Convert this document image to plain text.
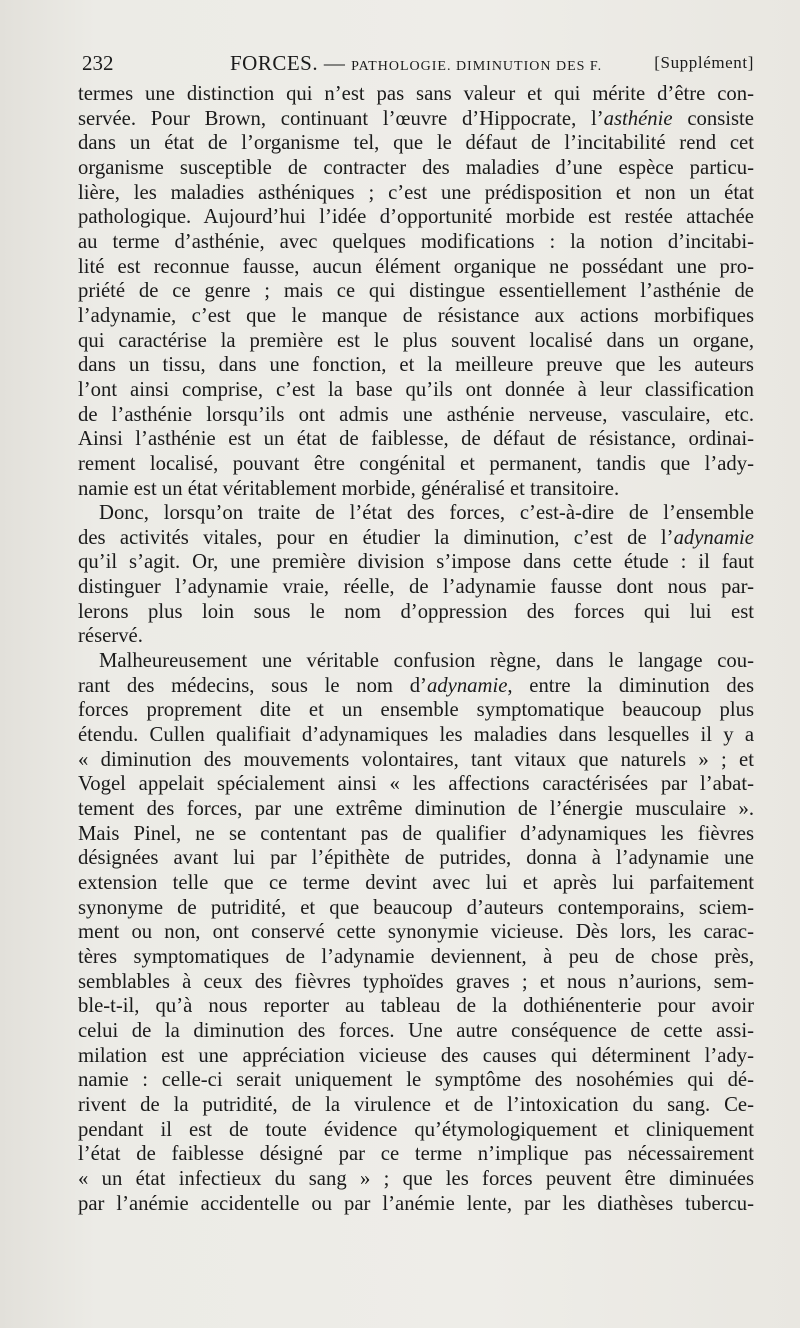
232	FORCES. — PATHOLOGIE. DIMINUTION DES F.	[Supplément]

termes une distinction qui n’est pas sans valeur et qui mérite d’être con-
servée. Pour Brown, continuant l’œuvre d’Hippocrate, l’asthénie consiste
dans un état de l’organisme tel, que le défaut de l’incitabilité rend cet
organisme susceptible de contracter des maladies d’une espèce particu-
lière, les maladies asthéniques ; c’est une prédisposition et non un état
pathologique. Aujourd’hui l’idée d’opportunité morbide est restée attachée
au terme d’asthénie, avec quelques modifications : la notion d’incitabi-
lité est reconnue fausse, aucun élément organique ne possédant une pro-
priété de ce genre ; mais ce qui distingue essentiellement l’asthénie de
l’adynamie, c’est que le manque de résistance aux actions morbifiques
qui caractérise la première est le plus souvent localisé dans un organe,
dans un tissu, dans une fonction, et la meilleure preuve que les auteurs
l’ont ainsi comprise, c’est la base qu’ils ont donnée à leur classification
de l’asthénie lorsqu’ils ont admis une asthénie nerveuse, vasculaire, etc.
Ainsi l’asthénie est un état de faiblesse, de défaut de résistance, ordinai-
rement localisé, pouvant être congénital et permanent, tandis que l’ady-
namie est un état véritablement morbide, généralisé et transitoire.

Donc, lorsqu’on traite de l’état des forces, c’est-à-dire de l’ensemble
des activités vitales, pour en étudier la diminution, c’est de l’adynamie
qu’il s’agit. Or, une première division s’impose dans cette étude : il faut
distinguer l’adynamie vraie, réelle, de l’adynamie fausse dont nous par-
lerons plus loin sous le nom d’oppression des forces qui lui est
réservé.

Malheureusement une véritable confusion règne, dans le langage cou-
rant des médecins, sous le nom d’adynamie, entre la diminution des
forces proprement dite et un ensemble symptomatique beaucoup plus
étendu. Cullen qualifiait d’adynamiques les maladies dans lesquelles il y a
« diminution des mouvements volontaires, tant vitaux que naturels » ; et
Vogel appelait spécialement ainsi « les affections caractérisées par l’abat-
tement des forces, par une extrême diminution de l’énergie musculaire ».
Mais Pinel, ne se contentant pas de qualifier d’adynamiques les fièvres
désignées avant lui par l’épithète de putrides, donna à l’adynamie une
extension telle que ce terme devint avec lui et après lui parfaitement
synonyme de putridité, et que beaucoup d’auteurs contemporains, sciem-
ment ou non, ont conservé cette synonymie vicieuse. Dès lors, les carac-
tères symptomatiques de l’adynamie deviennent, à peu de chose près,
semblables à ceux des fièvres typhoïdes graves ; et nous n’aurions, sem-
ble-t-il, qu’à nous reporter au tableau de la dothiénenterie pour avoir
celui de la diminution des forces. Une autre conséquence de cette assi-
milation est une appréciation vicieuse des causes qui déterminent l’ady-
namie : celle-ci serait uniquement le symptôme des nosohémies qui dé-
rivent de la putridité, de la virulence et de l’intoxication du sang. Ce-
pendant il est de toute évidence qu’étymologiquement et cliniquement
l’état de faiblesse désigné par ce terme n’implique pas nécessairement
« un état infectieux du sang » ; que les forces peuvent être diminuées
par l’anémie accidentelle ou par l’anémie lente, par les diathèses tubercu-
